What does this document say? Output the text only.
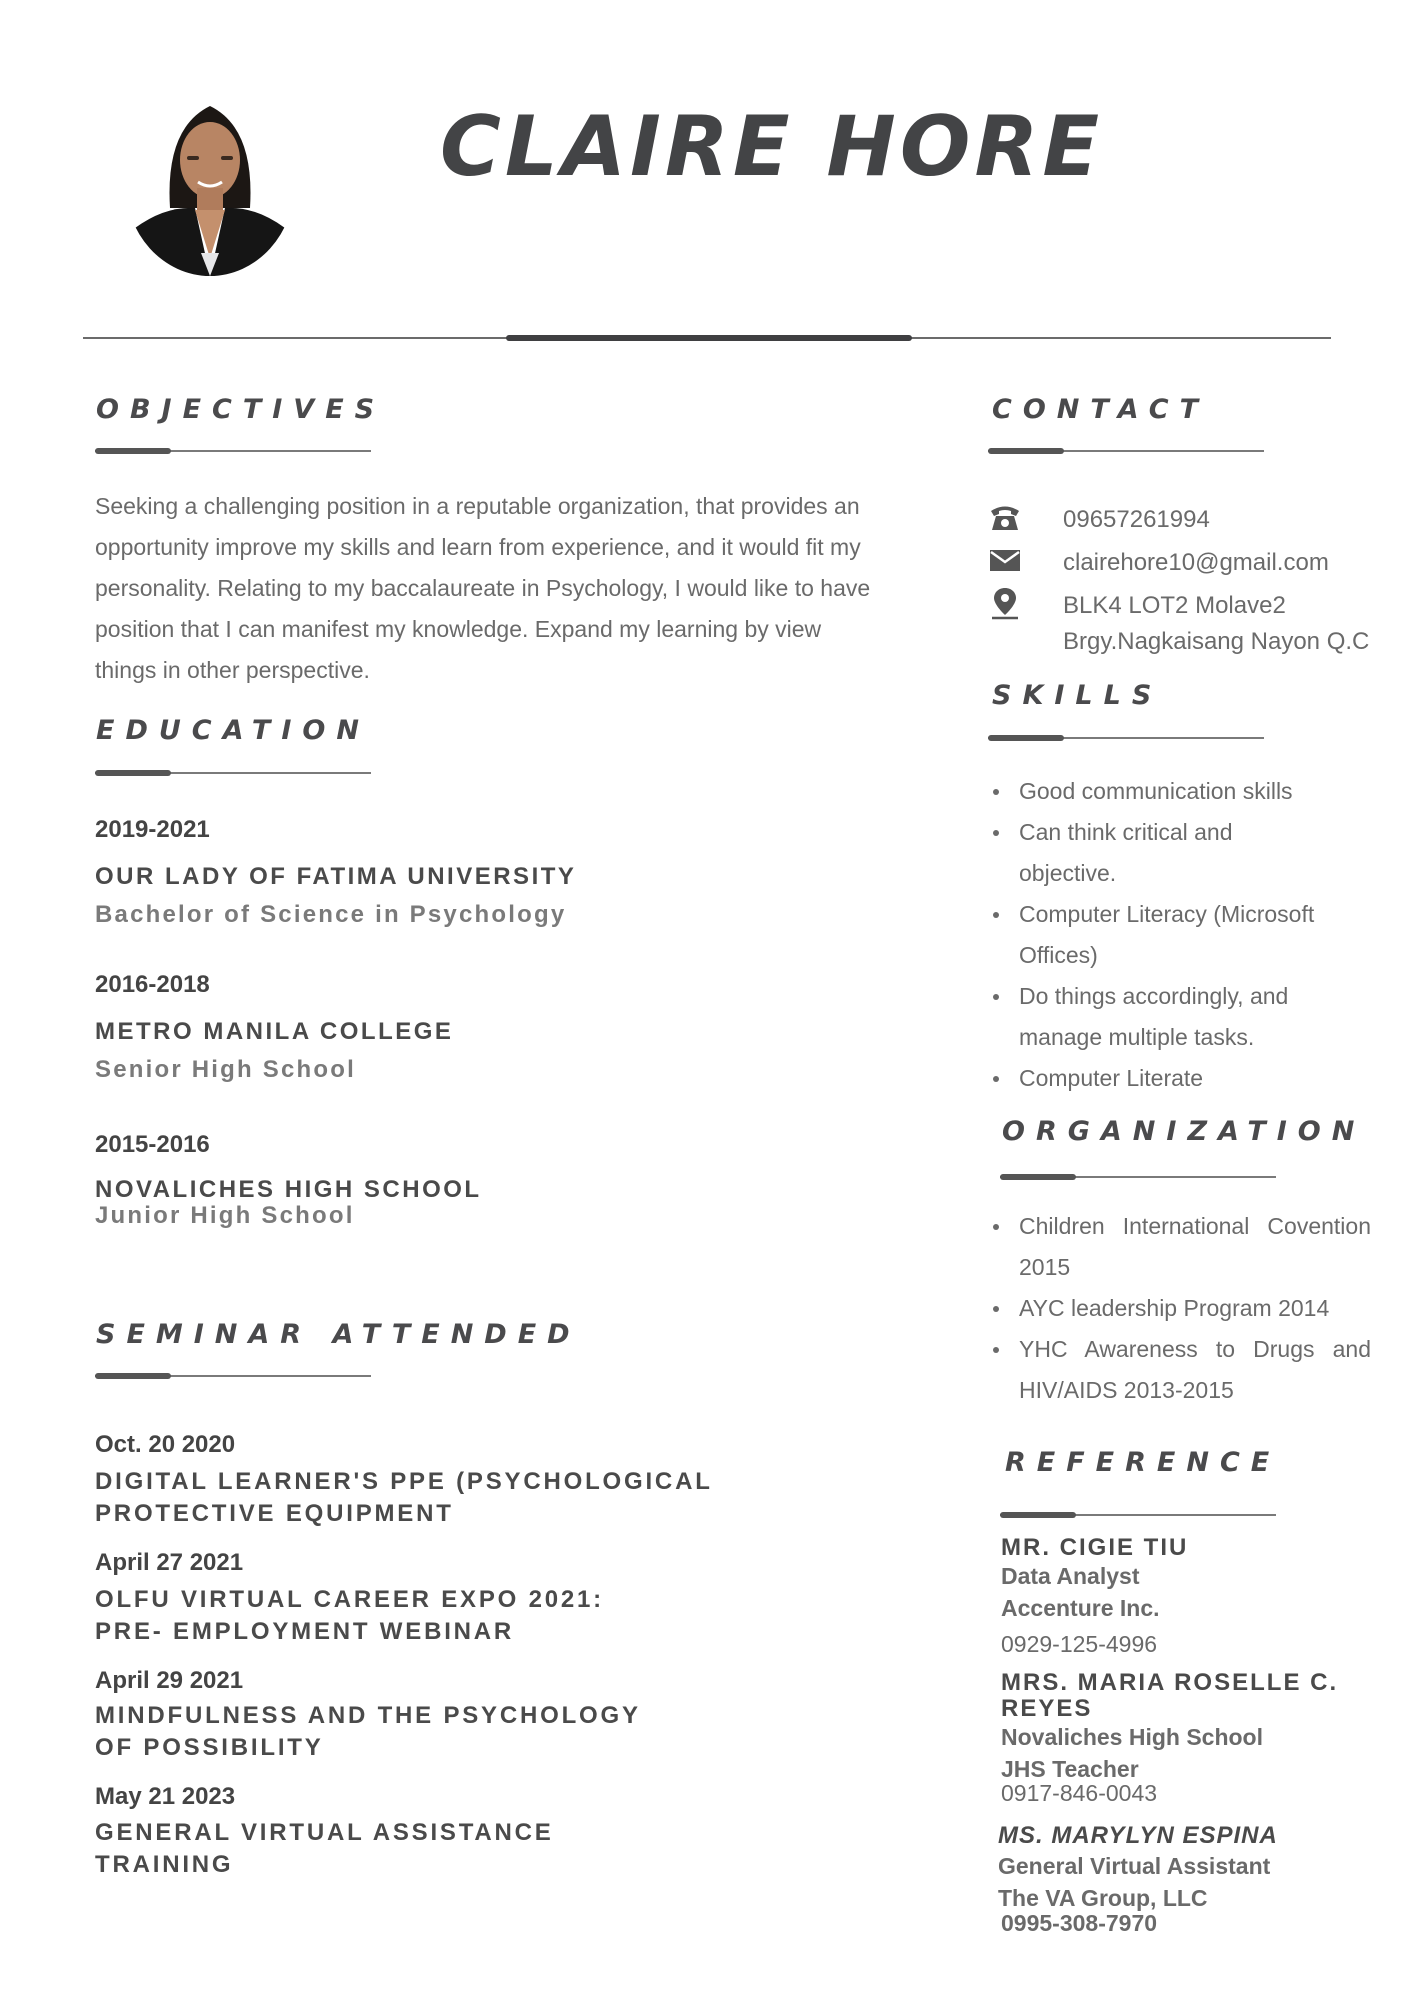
CLAIRE HORE
OBJECTIVES

Seeking a challenging position in a reputable organization, that provides an opportunity improve my skills and learn from experience, and it would fit my personality. Relating to my baccalaureate in Psychology, I would like to have position that I can manifest my knowledge. Expand my learning by view things in other perspective.

EDUCATION
2019-2021
OUR LADY OF FATIMA UNIVERSITY
Bachelor of Science in Psychology
2016-2018
METRO MANILA COLLEGE
Senior High School
2015-2016
NOVALICHES HIGH SCHOOL
Junior High School
SEMINAR ATTENDED
Oct. 20 2020
DIGITAL LEARNER'S PPE (PSYCHOLOGICAL
PROTECTIVE EQUIPMENT
April 27 2021
OLFU VIRTUAL CAREER EXPO 2021:
PRE- EMPLOYMENT WEBINAR
April 29 2021
MINDFULNESS AND THE PSYCHOLOGY
OF POSSIBILITY
May 21 2023
GENERAL VIRTUAL ASSISTANCE
TRAINING
CONTACT
09657261994
clairehore10@gmail.com
BLK4 LOT2 Molave2
Brgy.Nagkaisang Nayon Q.C
SKILLS
Good communication skills
Can think critical and objective.
Computer Literacy (Microsoft Offices)
Do things accordingly, and manage multiple tasks.
Computer Literate
ORGANIZATION
Children International Covention 2015
AYC leadership Program 2014
YHC Awareness to Drugs and HIV/AIDS 2013-2015
REFERENCE
MR. CIGIE TIU
Data Analyst
Accenture Inc.
0929-125-4996
MRS. MARIA ROSELLE C.
REYES
Novaliches High School
JHS Teacher
0917-846-0043
MS. MARYLYN ESPINA
General Virtual Assistant
The VA Group, LLC
0995-308-7970
